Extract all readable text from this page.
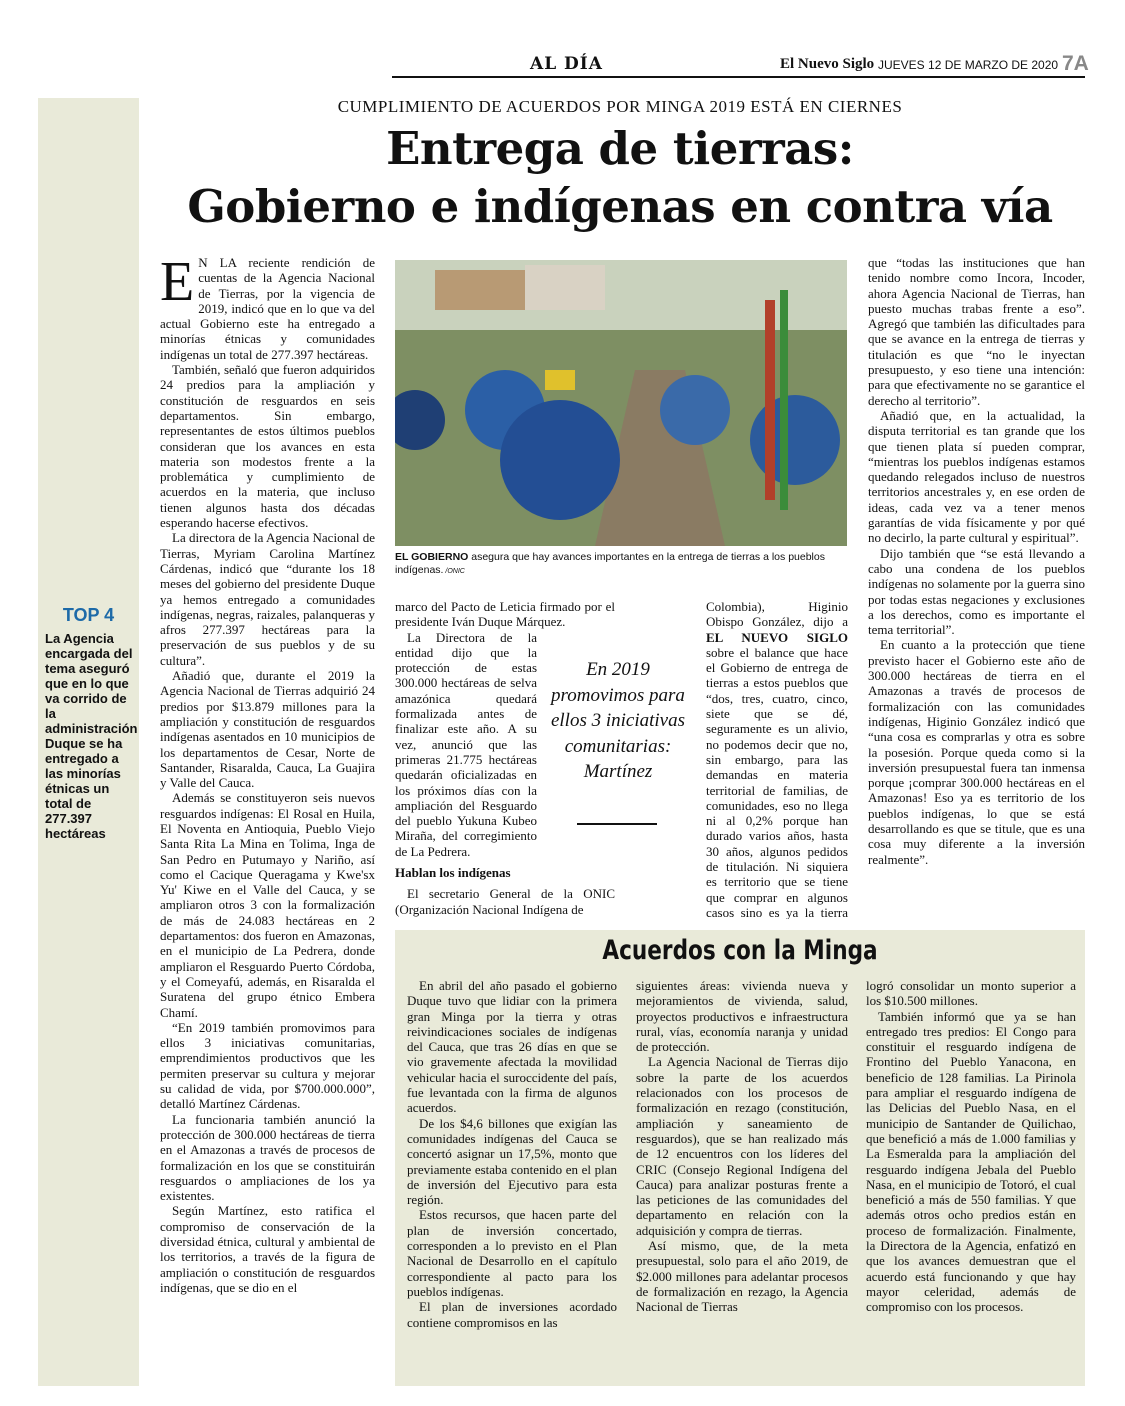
AL DÍA	El Nuevo Siglo JUEVES 12 DE MARZO DE 2020 7A
TOP 4
La Agencia encargada del tema aseguró que en lo que va corrido de la administración Duque se ha entregado a las minorías étnicas un total de 277.397 hectáreas
CUMPLIMIENTO DE ACUERDOS POR MINGA 2019 ESTÁ EN CIERNES
Entrega de tierras:
Gobierno e indígenas en contra vía

E N LA reciente rendición de cuentas de la Agencia Nacional de Tierras, por la vigencia de 2019, indicó que en lo que va del actual Gobierno este ha entregado a minorías étnicas y comunidades indígenas un total de 277.397 hectáreas.

También, señaló que fueron adquiridos 24 predios para la ampliación y constitución de resguardos en seis departamentos. Sin embargo, representantes de estos últimos pueblos consideran que los avances en esta materia son modestos frente a la problemática y cumplimiento de acuerdos en la materia, que incluso tienen algunos hasta dos décadas esperando hacerse efectivos.

La directora de la Agencia Nacional de Tierras, Myriam Carolina Martínez Cárdenas, indicó que “durante los 18 meses del gobierno del presidente Duque ya hemos entregado a comunidades indígenas, negras, raizales, palanqueras y afros 277.397 hectáreas para la preservación de sus pueblos y de su cultura”.

Añadió que, durante el 2019 la Agencia Nacional de Tierras adquirió 24 predios por $13.879 millones para la ampliación y constitución de resguardos indígenas asentados en 10 municipios de los departamentos de Cesar, Norte de Santander, Risaralda, Cauca, La Guajira y Valle del Cauca.

Además se constituyeron seis nuevos resguardos indígenas: El Rosal en Huila, El Noventa en Antioquia, Pueblo Viejo Santa Rita La Mina en Tolima, Inga de San Pedro en Putumayo y Nariño, así como el Cacique Queragama y Kwe'sx Yu' Kiwe en el Valle del Cauca, y se ampliaron otros 3 con la formalización de más de 24.083 hectáreas en 2 departamentos: dos fueron en Amazonas, en el municipio de La Pedrera, donde ampliaron el Resguardo Puerto Córdoba, y el Comeyafú, además, en Risaralda el Suratena del grupo étnico Embera Chamí.

“En 2019 también promovimos para ellos 3 iniciativas comunitarias, emprendimientos productivos que les permiten preservar su cultura y mejorar su calidad de vida, por $700.000.000”, detalló Martínez Cárdenas.

La funcionaria también anunció la protección de 300.000 hectáreas de tierra en el Amazonas a través de procesos de formalización en los que se constituirán resguardos o ampliaciones de los ya existentes.

Según Martínez, esto ratifica el compromiso de conservación de la diversidad étnica, cultural y ambiental de los territorios, a través de la figura de ampliación o constitución de resguardos indígenas, que se dio en el

EL GOBIERNO asegura que hay avances importantes en la entrega de tierras a los pueblos indígenas. /ONIC

marco del Pacto de Leticia firmado por el presidente Iván Duque Márquez.

La Directora de la entidad dijo que la protección de estas 300.000 hectáreas de selva amazónica quedará formalizada antes de finalizar este año. A su vez, anunció que las primeras 21.775 hectáreas quedarán oficializadas en los próximos días con la ampliación del Resguardo del pueblo Yukuna Kubeo Miraña, del corregimiento de La Pedrera.

Hablan los indígenas

El secretario General de la ONIC (Organización Nacional Indígena de

En 2019 promovimos para ellos 3 iniciativas comunitarias: Martínez

Colombia), Higinio Obispo González, dijo a EL NUEVO SIGLO sobre el balance que hace el Gobierno de entrega de tierras a estos pueblos que “dos, tres, cuatro, cinco, siete que se dé, seguramente es un alivio, no podemos decir que no, sin embargo, para las demandas en materia territorial de familias, de comunidades, eso no llega ni al 0,2% porque han durado varios años, hasta 30 años, algunos pedidos de titulación. Ni siquiera es territorio que se tiene que comprar en algunos casos sino es ya la tierra

que “todas las instituciones que han tenido nombre como Incora, Incoder, ahora Agencia Nacional de Tierras, han puesto muchas trabas frente a eso”. Agregó que también las dificultades para que se avance en la entrega de tierras y titulación es que “no le inyectan presupuesto, y eso tiene una intención: para que efectivamente no se garantice el derecho al territorio”.

Añadió que, en la actualidad, la disputa territorial es tan grande que los que tienen plata sí pueden comprar, “mientras los pueblos indígenas estamos quedando relegados incluso de nuestros territorios ancestrales y, en ese orden de ideas, cada vez va a tener menos garantías de vida físicamente y por qué no decirlo, la parte cultural y espiritual”.

Dijo también que “se está llevando a cabo una condena de los pueblos indígenas no solamente por la guerra sino por todas estas negaciones y exclusiones a los derechos, como es importante el tema territorial”.

En cuanto a la protección que tiene previsto hacer el Gobierno este año de 300.000 hectáreas de tierra en el Amazonas a través de procesos de formalización con las comunidades indígenas, Higinio González indicó que “una cosa es comprarlas y otra es sobre la posesión. Porque queda como si la inversión presupuestal fuera tan inmensa porque ¡comprar 300.000 hectáreas en el Amazonas! Eso ya es territorio de los pueblos indígenas, lo que se está desarrollando es que se titule, que es una cosa muy diferente a la inversión realmente”.

Acuerdos con la Minga

En abril del año pasado el gobierno Duque tuvo que lidiar con la primera gran Minga por la tierra y otras reivindicaciones sociales de indígenas del Cauca, que tras 26 días en que se vio gravemente afectada la movilidad vehicular hacia el suroccidente del país, fue levantada con la firma de algunos acuerdos.

De los $4,6 billones que exigían las comunidades indígenas del Cauca se concertó asignar un 17,5%, monto que previamente estaba contenido en el plan de inversión del Ejecutivo para esta región.

Estos recursos, que hacen parte del plan de inversión concertado, corresponden a lo previsto en el Plan Nacional de Desarrollo en el capítulo correspondiente al pacto para los pueblos indígenas.

El plan de inversiones acordado contiene compromisos en las

siguientes áreas: vivienda nueva y mejoramientos de vivienda, salud, proyectos productivos e infraestructura rural, vías, economía naranja y unidad de protección.

La Agencia Nacional de Tierras dijo sobre la parte de los acuerdos relacionados con los procesos de formalización en rezago (constitución, ampliación y saneamiento de resguardos), que se han realizado más de 12 encuentros con los líderes del CRIC (Consejo Regional Indígena del Cauca) para analizar posturas frente a las peticiones de las comunidades del departamento en relación con la adquisición y compra de tierras.

Así mismo, que, de la meta presupuestal, solo para el año 2019, de $2.000 millones para adelantar procesos de formalización en rezago, la Agencia Nacional de Tierras

logró consolidar un monto superior a los $10.500 millones.

También informó que ya se han entregado tres predios: El Congo para constituir el resguardo indígena de Frontino del Pueblo Yanacona, en beneficio de 128 familias. La Pirinola para ampliar el resguardo indígena de las Delicias del Pueblo Nasa, en el municipio de Santander de Quilichao, que benefició a más de 1.000 familias y La Esmeralda para la ampliación del resguardo indígena Jebala del Pueblo Nasa, en el municipio de Totoró, el cual benefició a más de 550 familias. Y que además otros ocho predios están en proceso de formalización. Finalmente, la Directora de la Agencia, enfatizó en que los avances demuestran que el acuerdo está funcionando y que hay mayor celeridad, además de compromiso con los procesos.
